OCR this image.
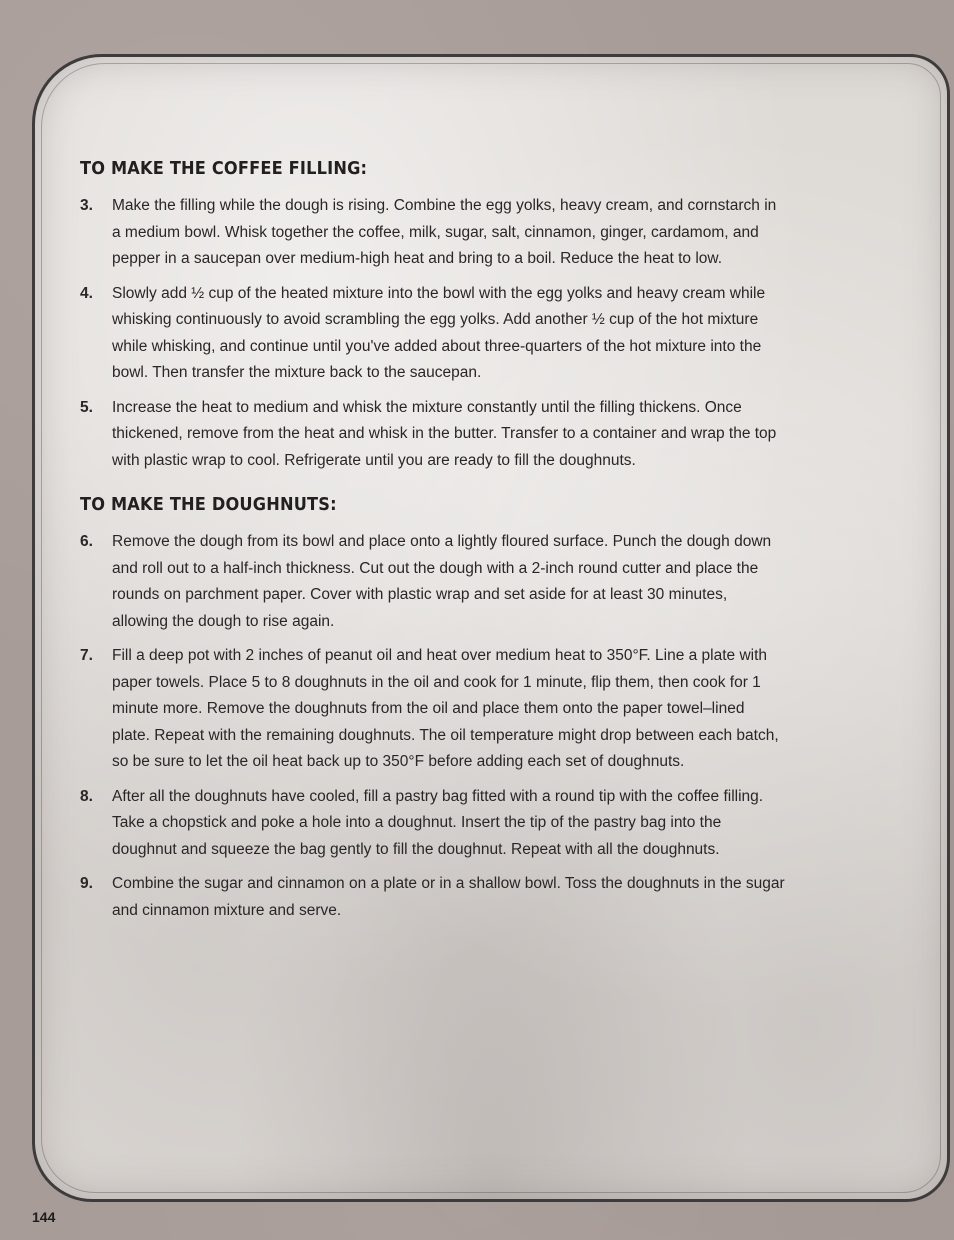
TO MAKE THE COFFEE FILLING:
3. Make the filling while the dough is rising. Combine the egg yolks, heavy cream, and cornstarch in a medium bowl. Whisk together the coffee, milk, sugar, salt, cinnamon, ginger, cardamom, and pepper in a saucepan over medium-high heat and bring to a boil. Reduce the heat to low.
4. Slowly add ½ cup of the heated mixture into the bowl with the egg yolks and heavy cream while whisking continuously to avoid scrambling the egg yolks. Add another ½ cup of the hot mixture while whisking, and continue until you've added about three-quarters of the hot mixture into the bowl. Then transfer the mixture back to the saucepan.
5. Increase the heat to medium and whisk the mixture constantly until the filling thickens. Once thickened, remove from the heat and whisk in the butter. Transfer to a container and wrap the top with plastic wrap to cool. Refrigerate until you are ready to fill the doughnuts.
TO MAKE THE DOUGHNUTS:
6. Remove the dough from its bowl and place onto a lightly floured surface. Punch the dough down and roll out to a half-inch thickness. Cut out the dough with a 2-inch round cutter and place the rounds on parchment paper. Cover with plastic wrap and set aside for at least 30 minutes, allowing the dough to rise again.
7. Fill a deep pot with 2 inches of peanut oil and heat over medium heat to 350°F. Line a plate with paper towels. Place 5 to 8 doughnuts in the oil and cook for 1 minute, flip them, then cook for 1 minute more. Remove the doughnuts from the oil and place them onto the paper towel–lined plate. Repeat with the remaining doughnuts. The oil temperature might drop between each batch, so be sure to let the oil heat back up to 350°F before adding each set of doughnuts.
8. After all the doughnuts have cooled, fill a pastry bag fitted with a round tip with the coffee filling. Take a chopstick and poke a hole into a doughnut. Insert the tip of the pastry bag into the doughnut and squeeze the bag gently to fill the doughnut. Repeat with all the doughnuts.
9. Combine the sugar and cinnamon on a plate or in a shallow bowl. Toss the doughnuts in the sugar and cinnamon mixture and serve.
144
